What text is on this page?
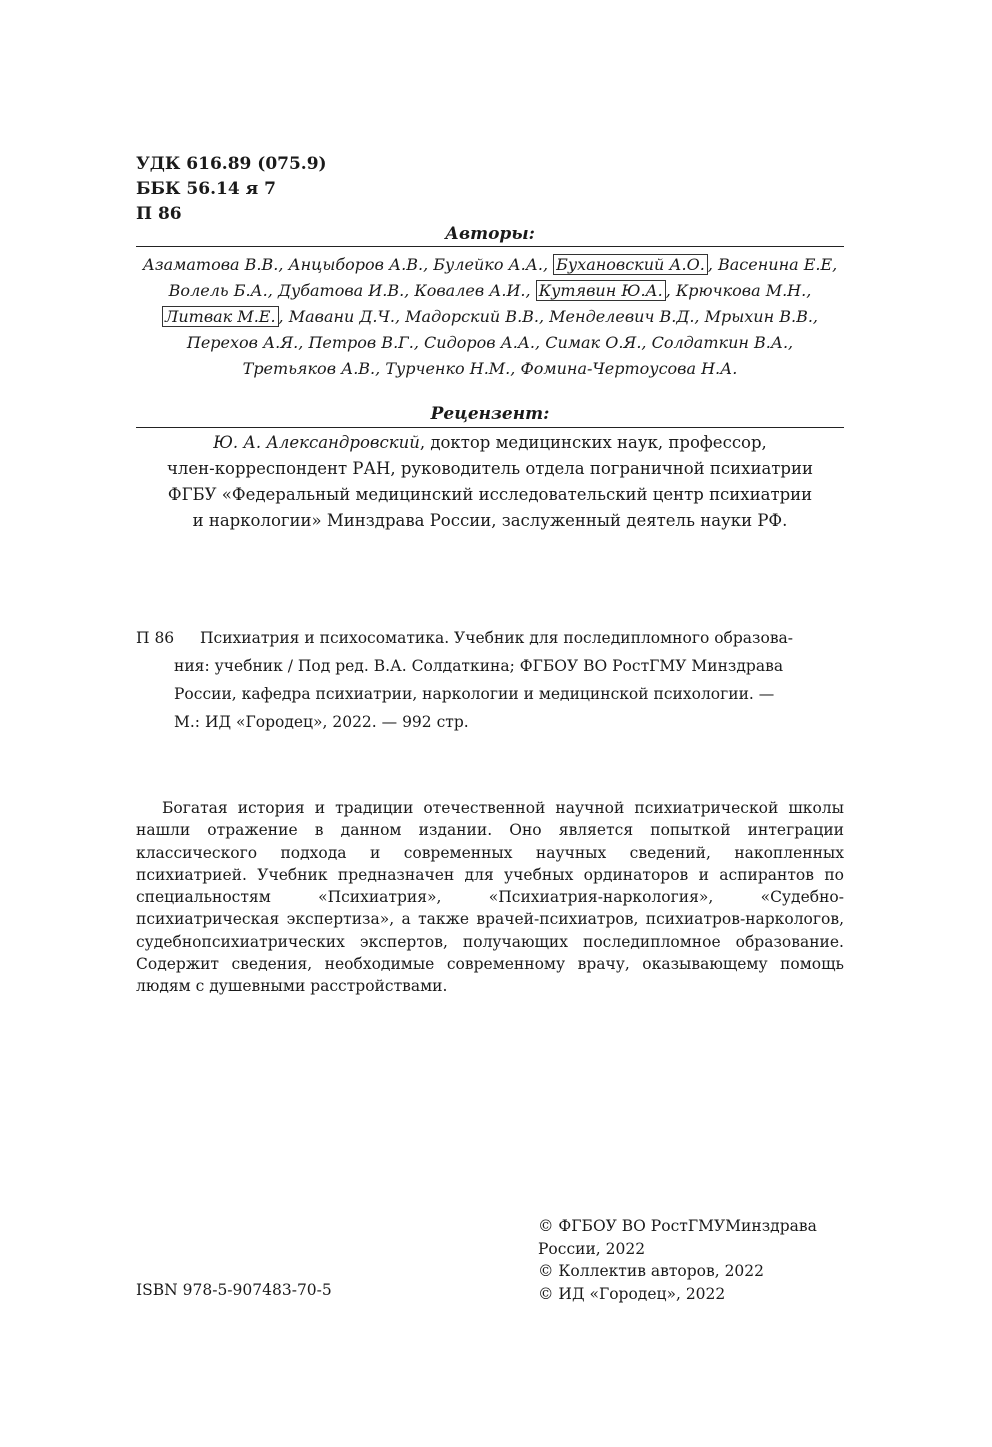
УДК 616.89 (075.9)
ББК 56.14 я 7
П 86
Авторы:
Азаматова В.В., Анцыборов А.В., Булейко А.А., Бухановский А.О. , Васенина Е.Е,
Волель Б.А., Дубатова И.В., Ковалев А.И., Кутявин Ю.А. , Крючкова М.Н.,
Литвак М.Е. , Мавани Д.Ч., Мадорский В.В., Менделевич В.Д., Мрыхин В.В.,
Перехов А.Я., Петров В.Г., Сидоров А.А., Симак О.Я., Солдаткин В.А.,
Третьяков А.В., Турченко Н.М., Фомина-Чертоусова Н.А.
Рецензент:
Ю. А. Александровский, доктор медицинских наук, профессор,
член-корреспондент РАН, руководитель отдела пограничной психиатрии
ФГБУ «Федеральный медицинский исследовательский центр психиатрии
и наркологии» Минздрава России, заслуженный деятель науки РФ.
П 86 Психиатрия и психосоматика. Учебник для последипломного образова-
ния: учебник / Под ред. В.А. Солдаткина; ФГБОУ ВО РостГМУ Минздрава
России, кафедра психиатрии, наркологии и медицинской психологии. —
М.: ИД «Городец», 2022. — 992 стр.
Богатая история и традиции отечественной научной психиатрической школы нашли отражение в данном издании. Оно является попыткой интеграции классического подхода и современных научных сведений, накопленных психиатрией. Учебник предназначен для учебных ординаторов и аспирантов по специальностям «Психиатрия», «Психиатрия-наркология», «Судебно-психиатрическая экспертиза», а также врачей-психиатров, психиатров-наркологов, судебнопсихиатрических экспертов, получающих последипломное образование. Содержит сведения, необходимые современному врачу, оказывающему помощь людям с душевными расстройствами.
ISBN 978-5-907483-70-5
© ФГБОУ ВО РостГМУМинздрава
России, 2022
© Коллектив авторов, 2022
© ИД «Городец», 2022
